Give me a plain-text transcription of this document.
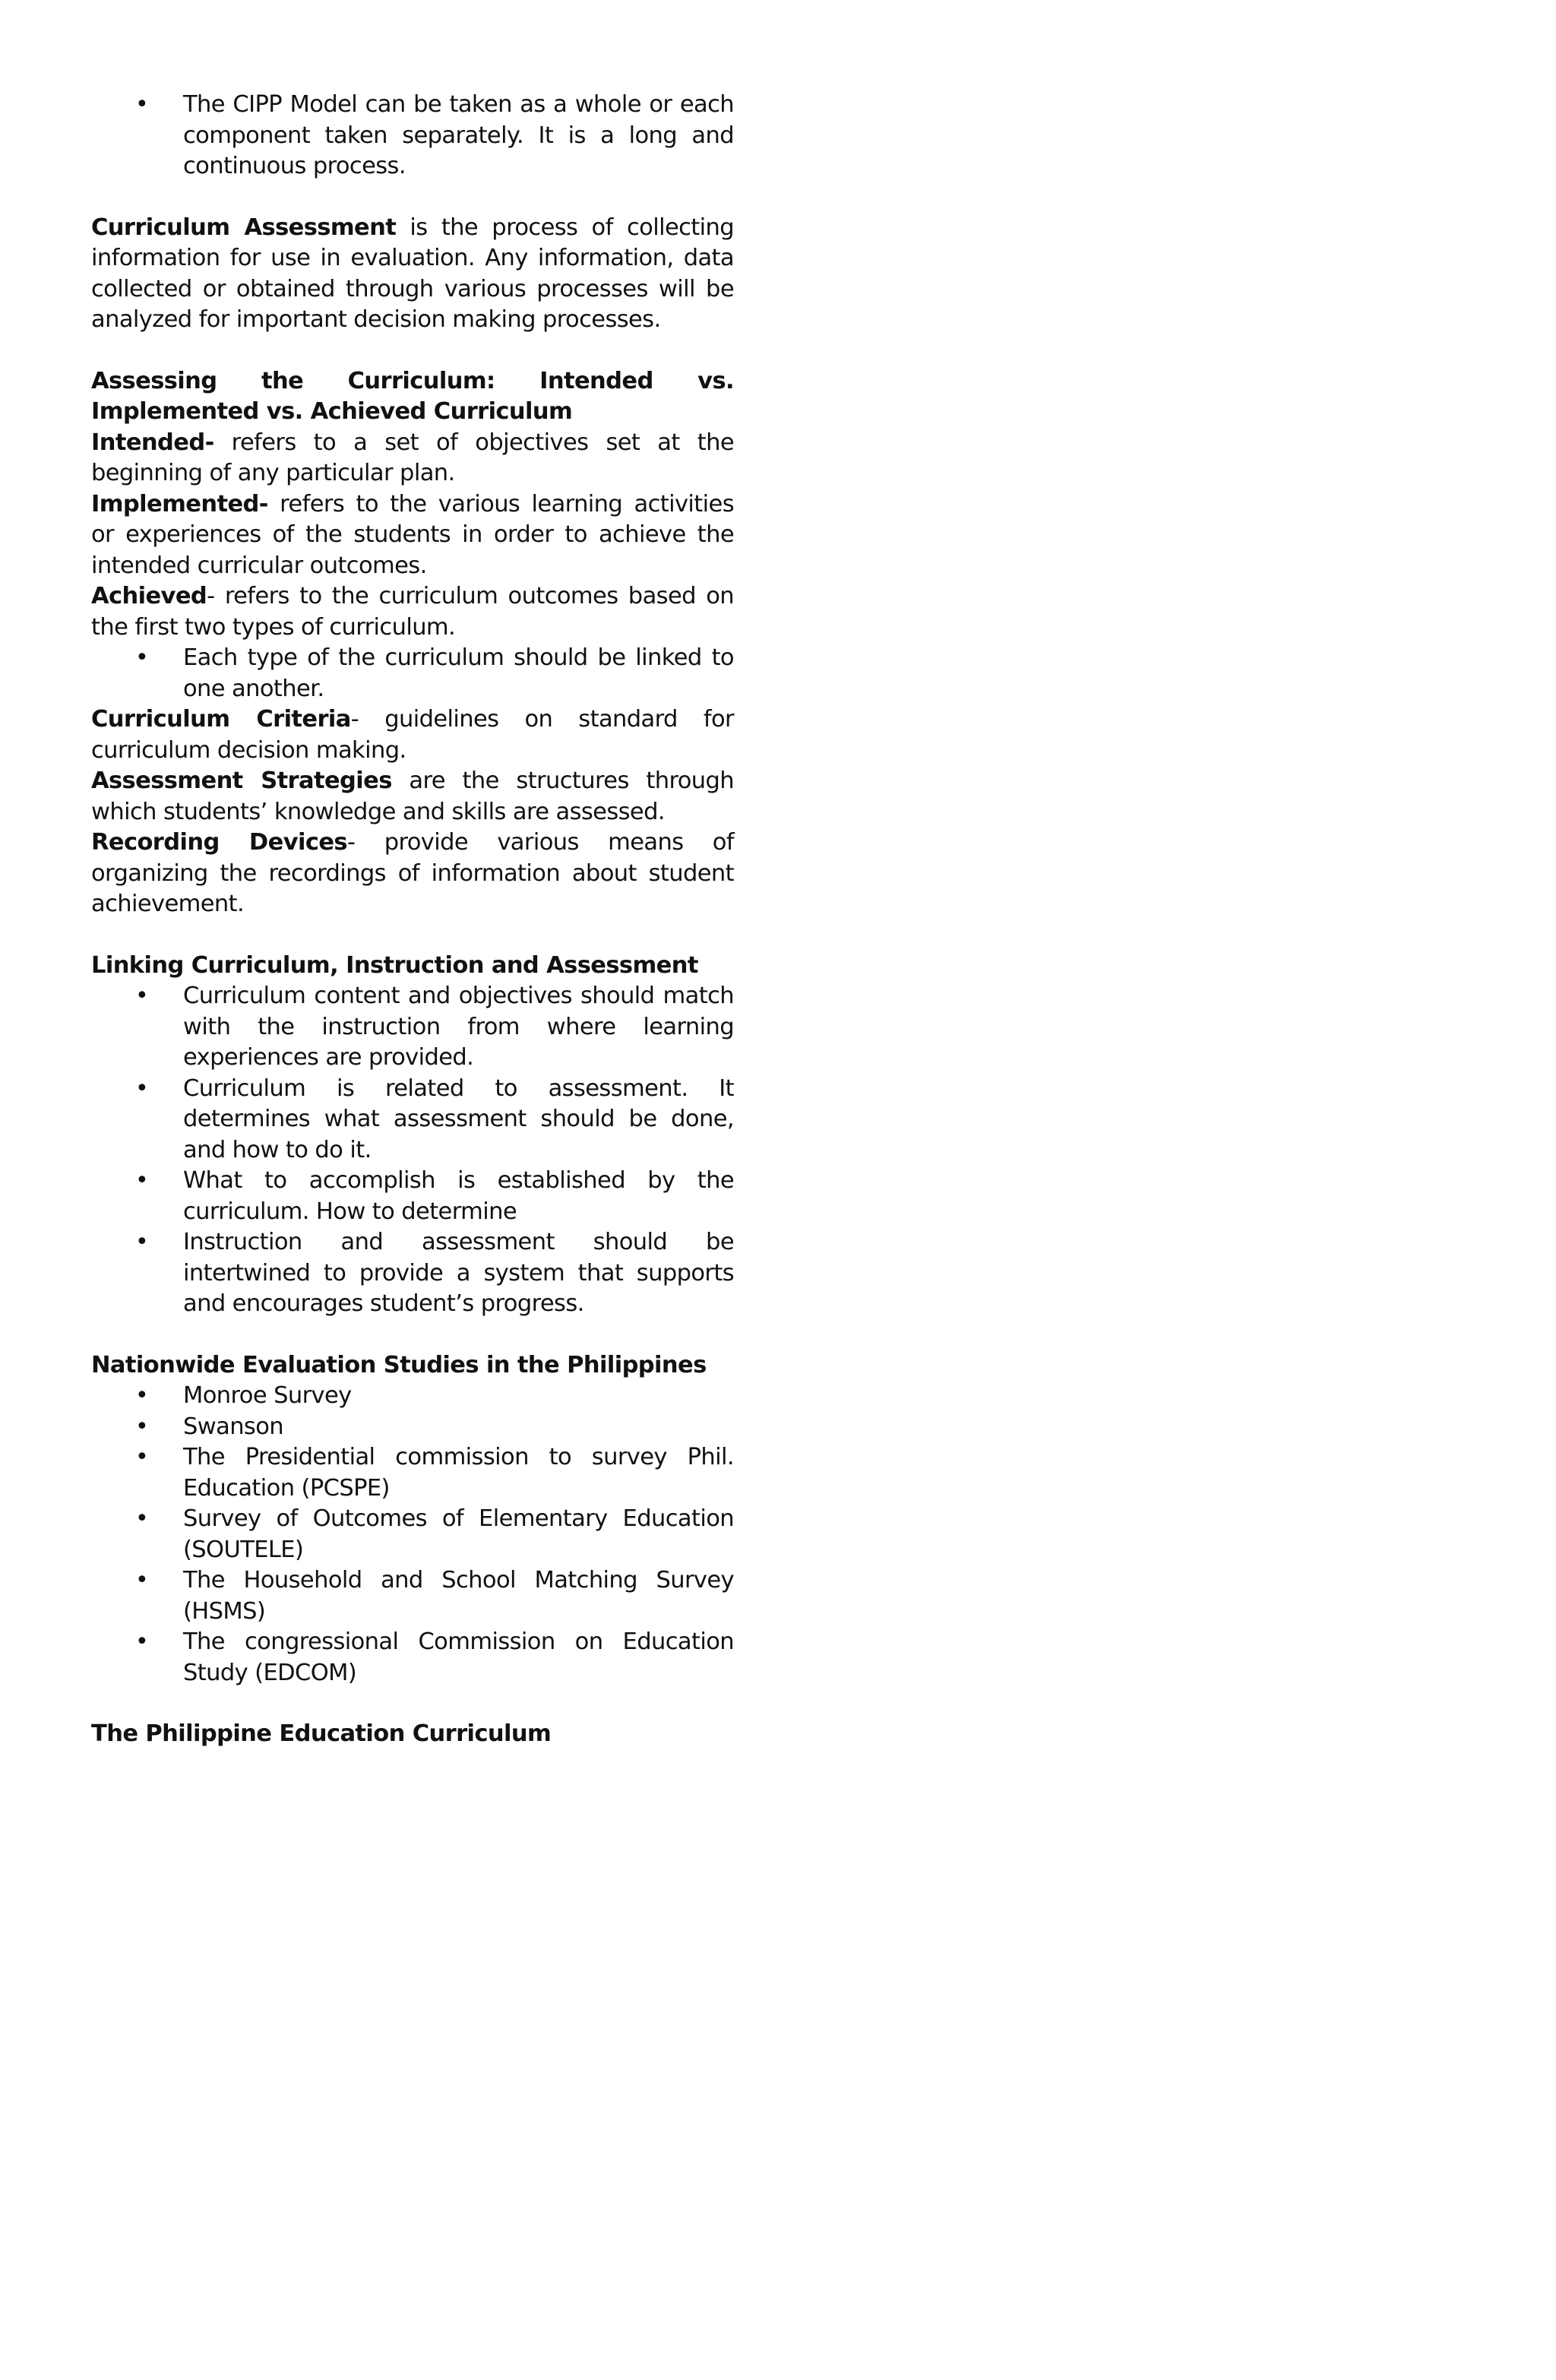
• The CIPP Model can be taken as a whole or each component taken separately. It is a long and continuous process.

Curriculum Assessment is the process of collecting information for use in evaluation. Any information, data collected or obtained through various processes will be analyzed for important decision making processes.

Assessing the Curriculum: Intended vs. Implemented vs. Achieved Curriculum

Intended- refers to a set of objectives set at the beginning of any particular plan.

Implemented- refers to the various learning activities or experiences of the students in order to achieve the intended curricular outcomes.

Achieved- refers to the curriculum outcomes based on the first two types of curriculum.

• Each type of the curriculum should be linked to one another.

Curriculum Criteria- guidelines on standard for curriculum decision making.

Assessment Strategies are the structures through which students’ knowledge and skills are assessed.

Recording Devices- provide various means of organizing the recordings of information about student achievement.

Linking Curriculum, Instruction and Assessment

• Curriculum content and objectives should match with the instruction from where learning experiences are provided.
• Curriculum is related to assessment. It determines what assessment should be done, and how to do it.
• What to accomplish is established by the curriculum. How to determine
• Instruction and assessment should be intertwined to provide a system that supports and encourages student’s progress.

Nationwide Evaluation Studies in the Philippines

• Monroe Survey
• Swanson
• The Presidential commission to survey Phil. Education (PCSPE)
• Survey of Outcomes of Elementary Education (SOUTELE)
• The Household and School Matching Survey (HSMS)
• The congressional Commission on Education Study (EDCOM)

The Philippine Education Curriculum
